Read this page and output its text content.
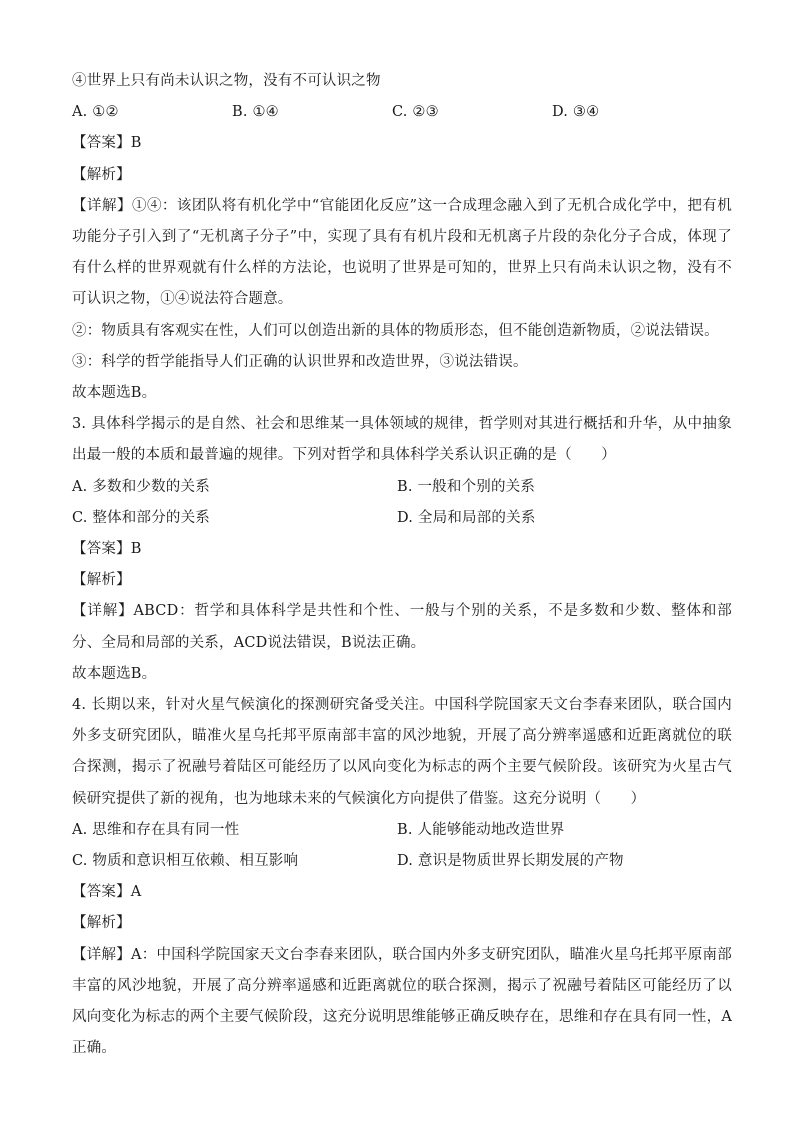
④世界上只有尚未认识之物，没有不可认识之物

A. ①②	B. ①④	C. ②③	D. ③④

【答案】B

【解析】

【详解】①④：该团队将有机化学中“官能团化反应”这一合成理念融入到了无机合成化学中，把有机功能分子引入到了“无机离子分子”中，实现了具有有机片段和无机离子片段的杂化分子合成，体现了有什么样的世界观就有什么样的方法论，也说明了世界是可知的，世界上只有尚未认识之物，没有不可认识之物，①④说法符合题意。

②：物质具有客观实在性，人们可以创造出新的具体的物质形态，但不能创造新物质，②说法错误。

③：科学的哲学能指导人们正确的认识世界和改造世界，③说法错误。

故本题选B。

3. 具体科学揭示的是自然、社会和思维某一具体领域的规律，哲学则对其进行概括和升华，从中抽象出最一般的本质和最普遍的规律。下列对哲学和具体科学关系认识正确的是（　　）

A. 多数和少数的关系	B. 一般和个别的关系
C. 整体和部分的关系	D. 全局和局部的关系

【答案】B

【解析】

【详解】ABCD：哲学和具体科学是共性和个性、一般与个别的关系，不是多数和少数、整体和部分、全局和局部的关系，ACD说法错误，B说法正确。

故本题选B。

4. 长期以来，针对火星气候演化的探测研究备受关注。中国科学院国家天文台李春来团队，联合国内外多支研究团队，瞄准火星乌托邦平原南部丰富的风沙地貌，开展了高分辨率遥感和近距离就位的联合探测，揭示了祝融号着陆区可能经历了以风向变化为标志的两个主要气候阶段。该研究为火星古气候研究提供了新的视角，也为地球未来的气候演化方向提供了借鉴。这充分说明（　　）

A. 思维和存在具有同一性	B. 人能够能动地改造世界
C. 物质和意识相互依赖、相互影响	D. 意识是物质世界长期发展的产物

【答案】A

【解析】

【详解】A：中国科学院国家天文台李春来团队，联合国内外多支研究团队，瞄准火星乌托邦平原南部丰富的风沙地貌，开展了高分辨率遥感和近距离就位的联合探测，揭示了祝融号着陆区可能经历了以风向变化为标志的两个主要气候阶段，这充分说明思维能够正确反映存在，思维和存在具有同一性，A正确。
